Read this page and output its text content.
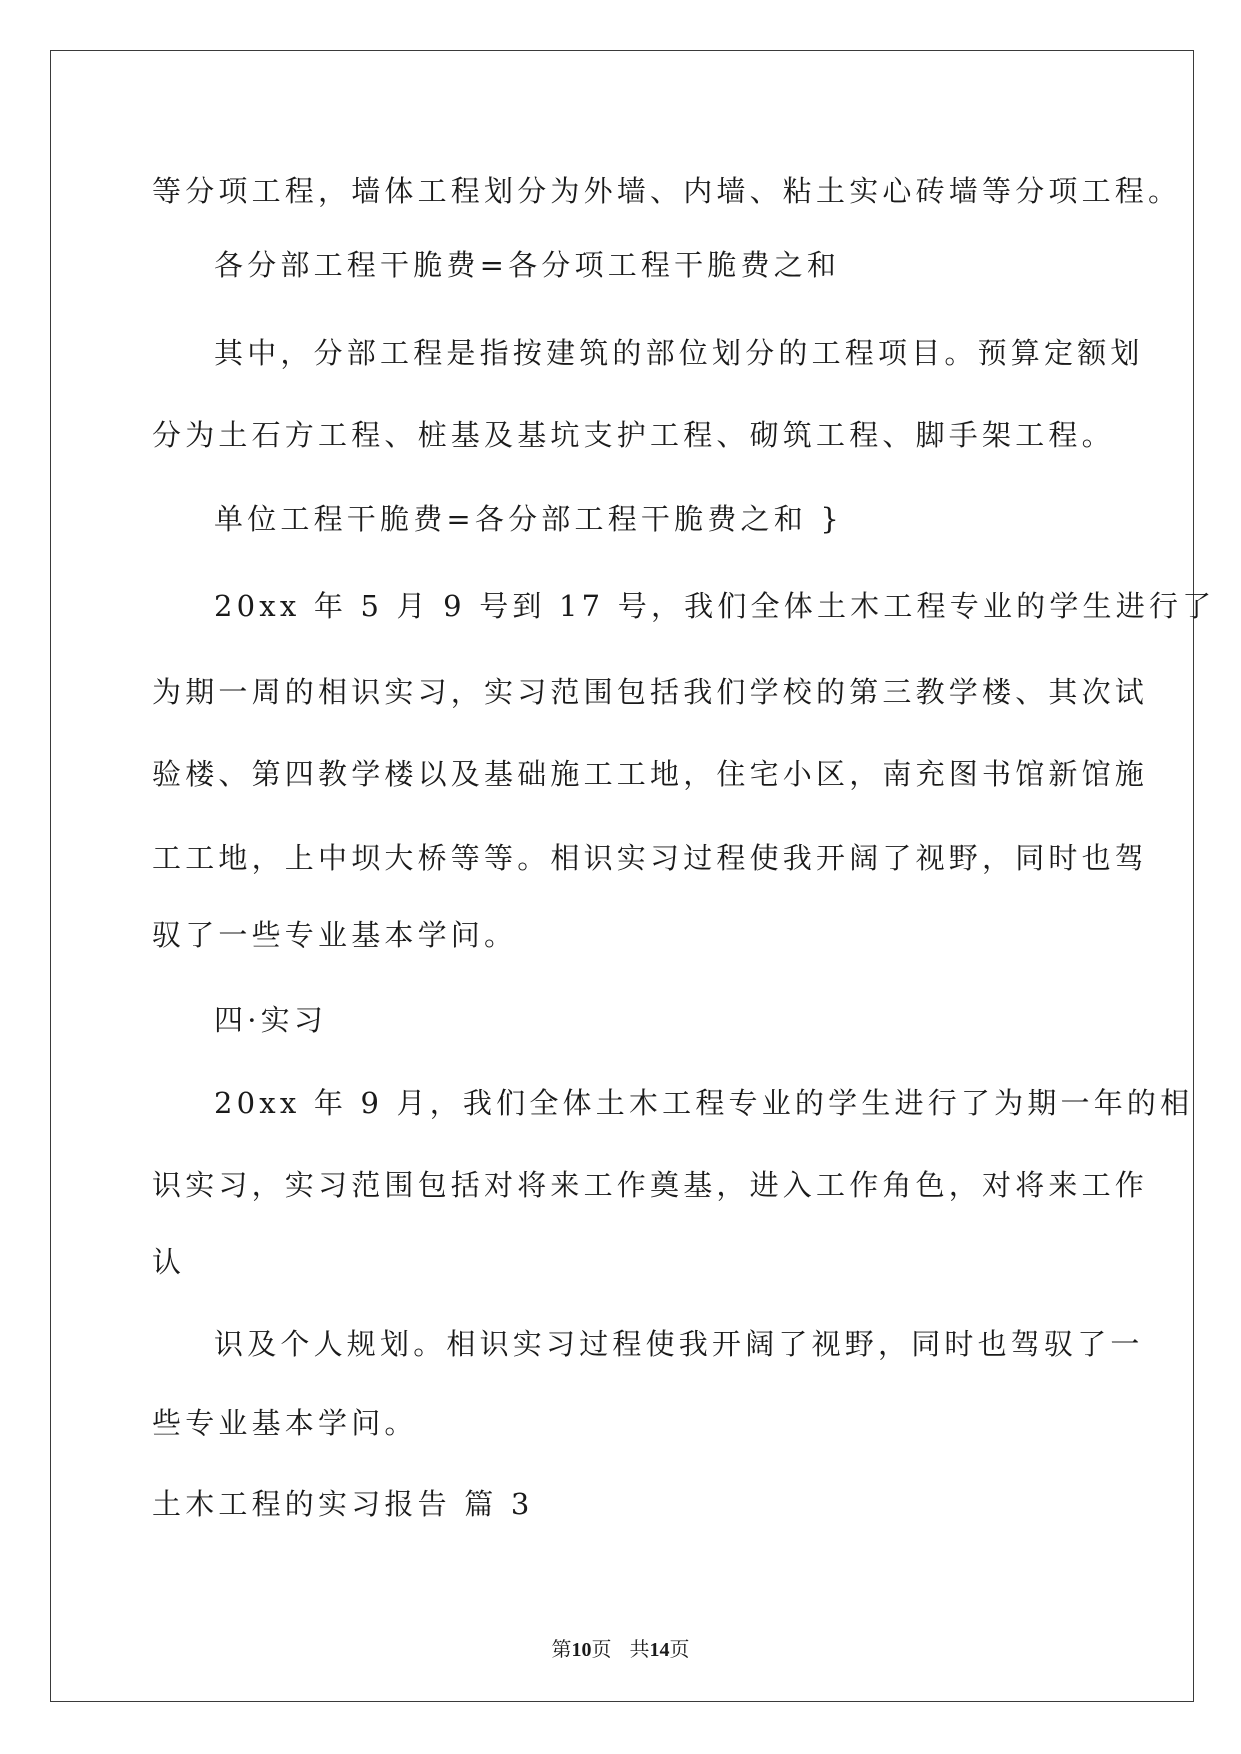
等分项工程，墙体工程划分为外墙、内墙、粘土实心砖墙等分项工程。
各分部工程干脆费=各分项工程干脆费之和
其中，分部工程是指按建筑的部位划分的工程项目。预算定额划
分为土石方工程、桩基及基坑支护工程、砌筑工程、脚手架工程。
单位工程干脆费=各分部工程干脆费之和 }
20xx 年 5 月 9 号到 17 号，我们全体土木工程专业的学生进行了
为期一周的相识实习，实习范围包括我们学校的第三教学楼、其次试
验楼、第四教学楼以及基础施工工地，住宅小区，南充图书馆新馆施
工工地，上中坝大桥等等。相识实习过程使我开阔了视野，同时也驾
驭了一些专业基本学问。
四·实习
20xx 年 9 月，我们全体土木工程专业的学生进行了为期一年的相
识实习，实习范围包括对将来工作奠基，进入工作角色，对将来工作
认
识及个人规划。相识实习过程使我开阔了视野，同时也驾驭了一
些专业基本学问。
土木工程的实习报告 篇 3
第10页 共14页
